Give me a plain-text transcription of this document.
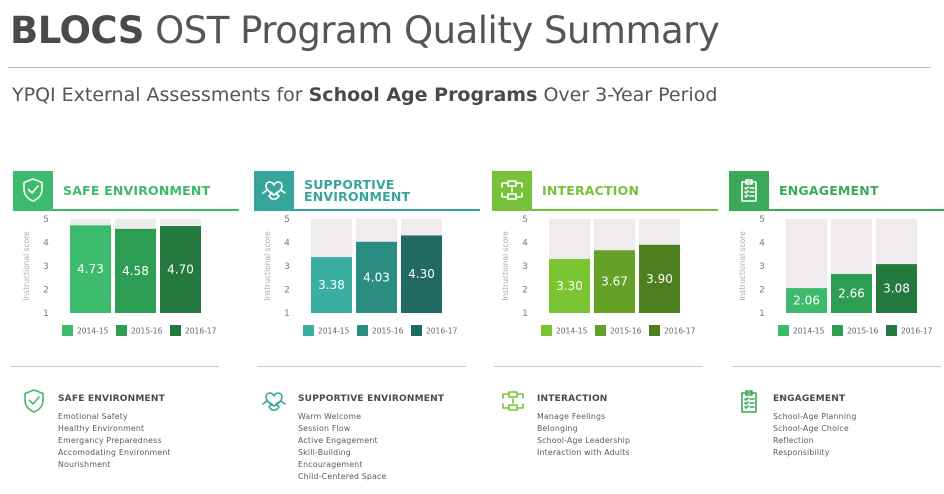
BLOCS OST Program Quality Summary
YPQI External Assessments for School Age Programs Over 3-Year Period
SAFE ENVIRONMENT
Instructional score
1
2
3
4
5
4.73 4.58 4.70
2014-15	2015-16	2016-17
SUPPORTIVE
ENVIRONMENT
Instructional score
1
2
3
4
5
3.38
4.03 4.30
2014-15	2015-16	2016-17
INTERACTION
Instructional score
1
2
3
4
5
3.30 3.67 3.90
2014-15	2015-16	2016-17
ENGAGEMENT
Instructional score
1
2
3
4
5
2.06
2.66 3.08
2014-15	2015-16	2016-17
SAFE ENVIRONMENT
Emotional Safety
Healthy Environment
Emergancy Preparedness
Accomodating Environment
Nourishment
SUPPORTIVE ENVIRONMENT
Warm Welcome
Session Flow
Active Engagement
Skill-Building
Encouragement
Child-Centered Space
INTERACTION
Manage Feelings
Belonging
School-Age Leadership
Interaction with Adults
ENGAGEMENT
School-Age Planning
School-Age Choice
Reflection
Responsibility
